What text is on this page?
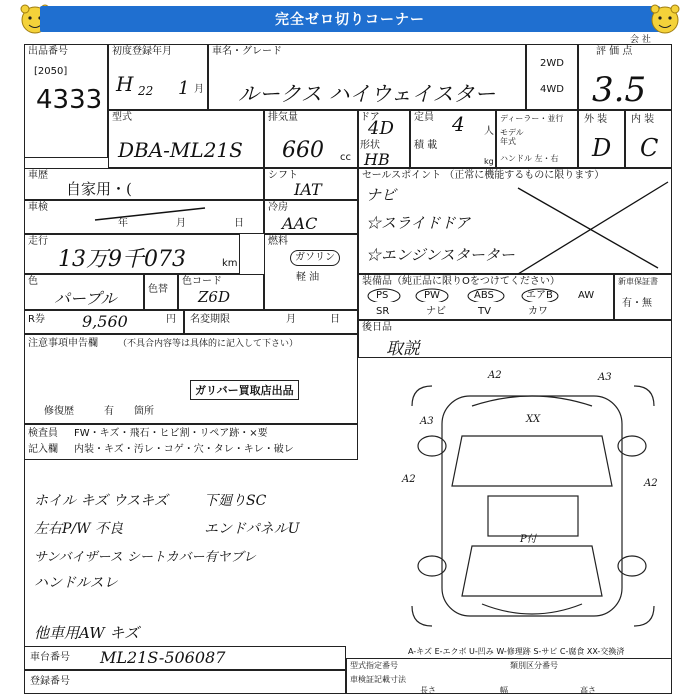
完全ゼロ切りコーナー
会 社
出品番号
[2050]
4333
初度登録年月
H 22 1 月
車名・グレード
ルークス ハイウェイスター
2WD
4WD
評 価 点
3.5
型式
DBA-ML21S
排気量
660 cc
ドア
4D
形状
HB
定員 4 人
積 載
kg
ディーラー・並行
モデル年式
ハンドル 左・右
外 装 内 装
D C
車歴
自家用・(
車検
年	月	日
走行
13万9千073	km
色
パープル	色替
色コード
Z6D
R券 9,560	円 名変期限	月	日
シフト
IAT
冷房
AAC
燃料
ガソリン
軽 油
セールスポイント （正常に機能するものに限ります）
ナビ
☆スライドドア
☆エンジンスターター
装備品（純正品に限りOをつけてください）
PS	PW	ABS	エアB	AW
SR	ナビ	TV	カワ
新車保証書
有・無
後日品
取説
注意事項申告欄 （不具合内容等は具体的に記入して下さい）
ガリバー買取店出品
修復歴	有 箇所
検査員
記入欄
FW・キズ・飛石・ヒビ割・リペア跡・×要
内装・キズ・汚レ・コゲ・穴・タレ・キレ・破レ
ホイル キズ ウスキズ
左右P/W 不良
サンバイザース シートカバー有ヤブレ
ハンドルスレ
下廻りSC
エンドパネルU
他車用AW キズ
A2	A3
A3
A2	A2
XX
P付
A-キズ E-エクボ U-凹み W-修理跡 S-サビ C-腐食 XX-交換済
車台番号 ML21S-506087
登録番号
型式指定番号	類別区分番号
車検証記載寸法
長さ	幅	高さ
